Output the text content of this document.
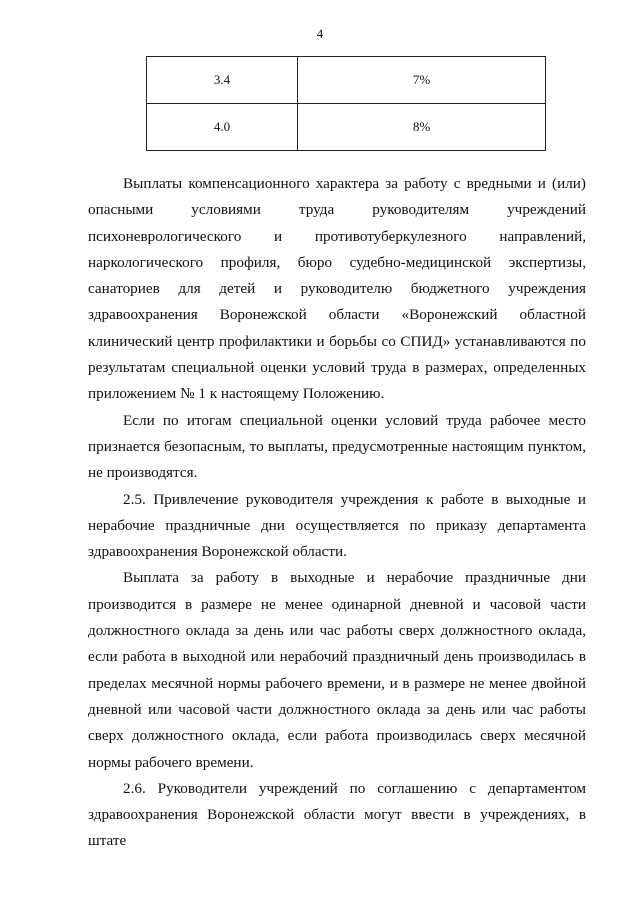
4
3.4	7%
4.0	8%

Выплаты компенсационного характера за работу с вредными и (или) опасными условиями труда руководителям учреждений психоневрологического и противотуберкулезного направлений, наркологического профиля, бюро судебно-медицинской экспертизы, санаториев для детей и руководителю бюджетного учреждения здравоохранения Воронежской области «Воронежский областной клинический центр профилактики и борьбы со СПИД» устанавливаются по результатам специальной оценки условий труда в размерах, определенных приложением № 1 к настоящему Положению.

Если по итогам специальной оценки условий труда рабочее место признается безопасным, то выплаты, предусмотренные настоящим пунктом, не производятся.

2.5. Привлечение руководителя учреждения к работе в выходные и нерабочие праздничные дни осуществляется по приказу департамента здравоохранения Воронежской области.

Выплата за работу в выходные и нерабочие праздничные дни производится в размере не менее одинарной дневной и часовой части должностного оклада за день или час работы сверх должностного оклада, если работа в выходной или нерабочий праздничный день производилась в пределах месячной нормы рабочего времени, и в размере не менее двойной дневной или часовой части должностного оклада за день или час работы сверх должностного оклада, если работа производилась сверх месячной нормы рабочего времени.

2.6. Руководители учреждений по соглашению с департаментом здравоохранения Воронежской области могут ввести в учреждениях, в штате
